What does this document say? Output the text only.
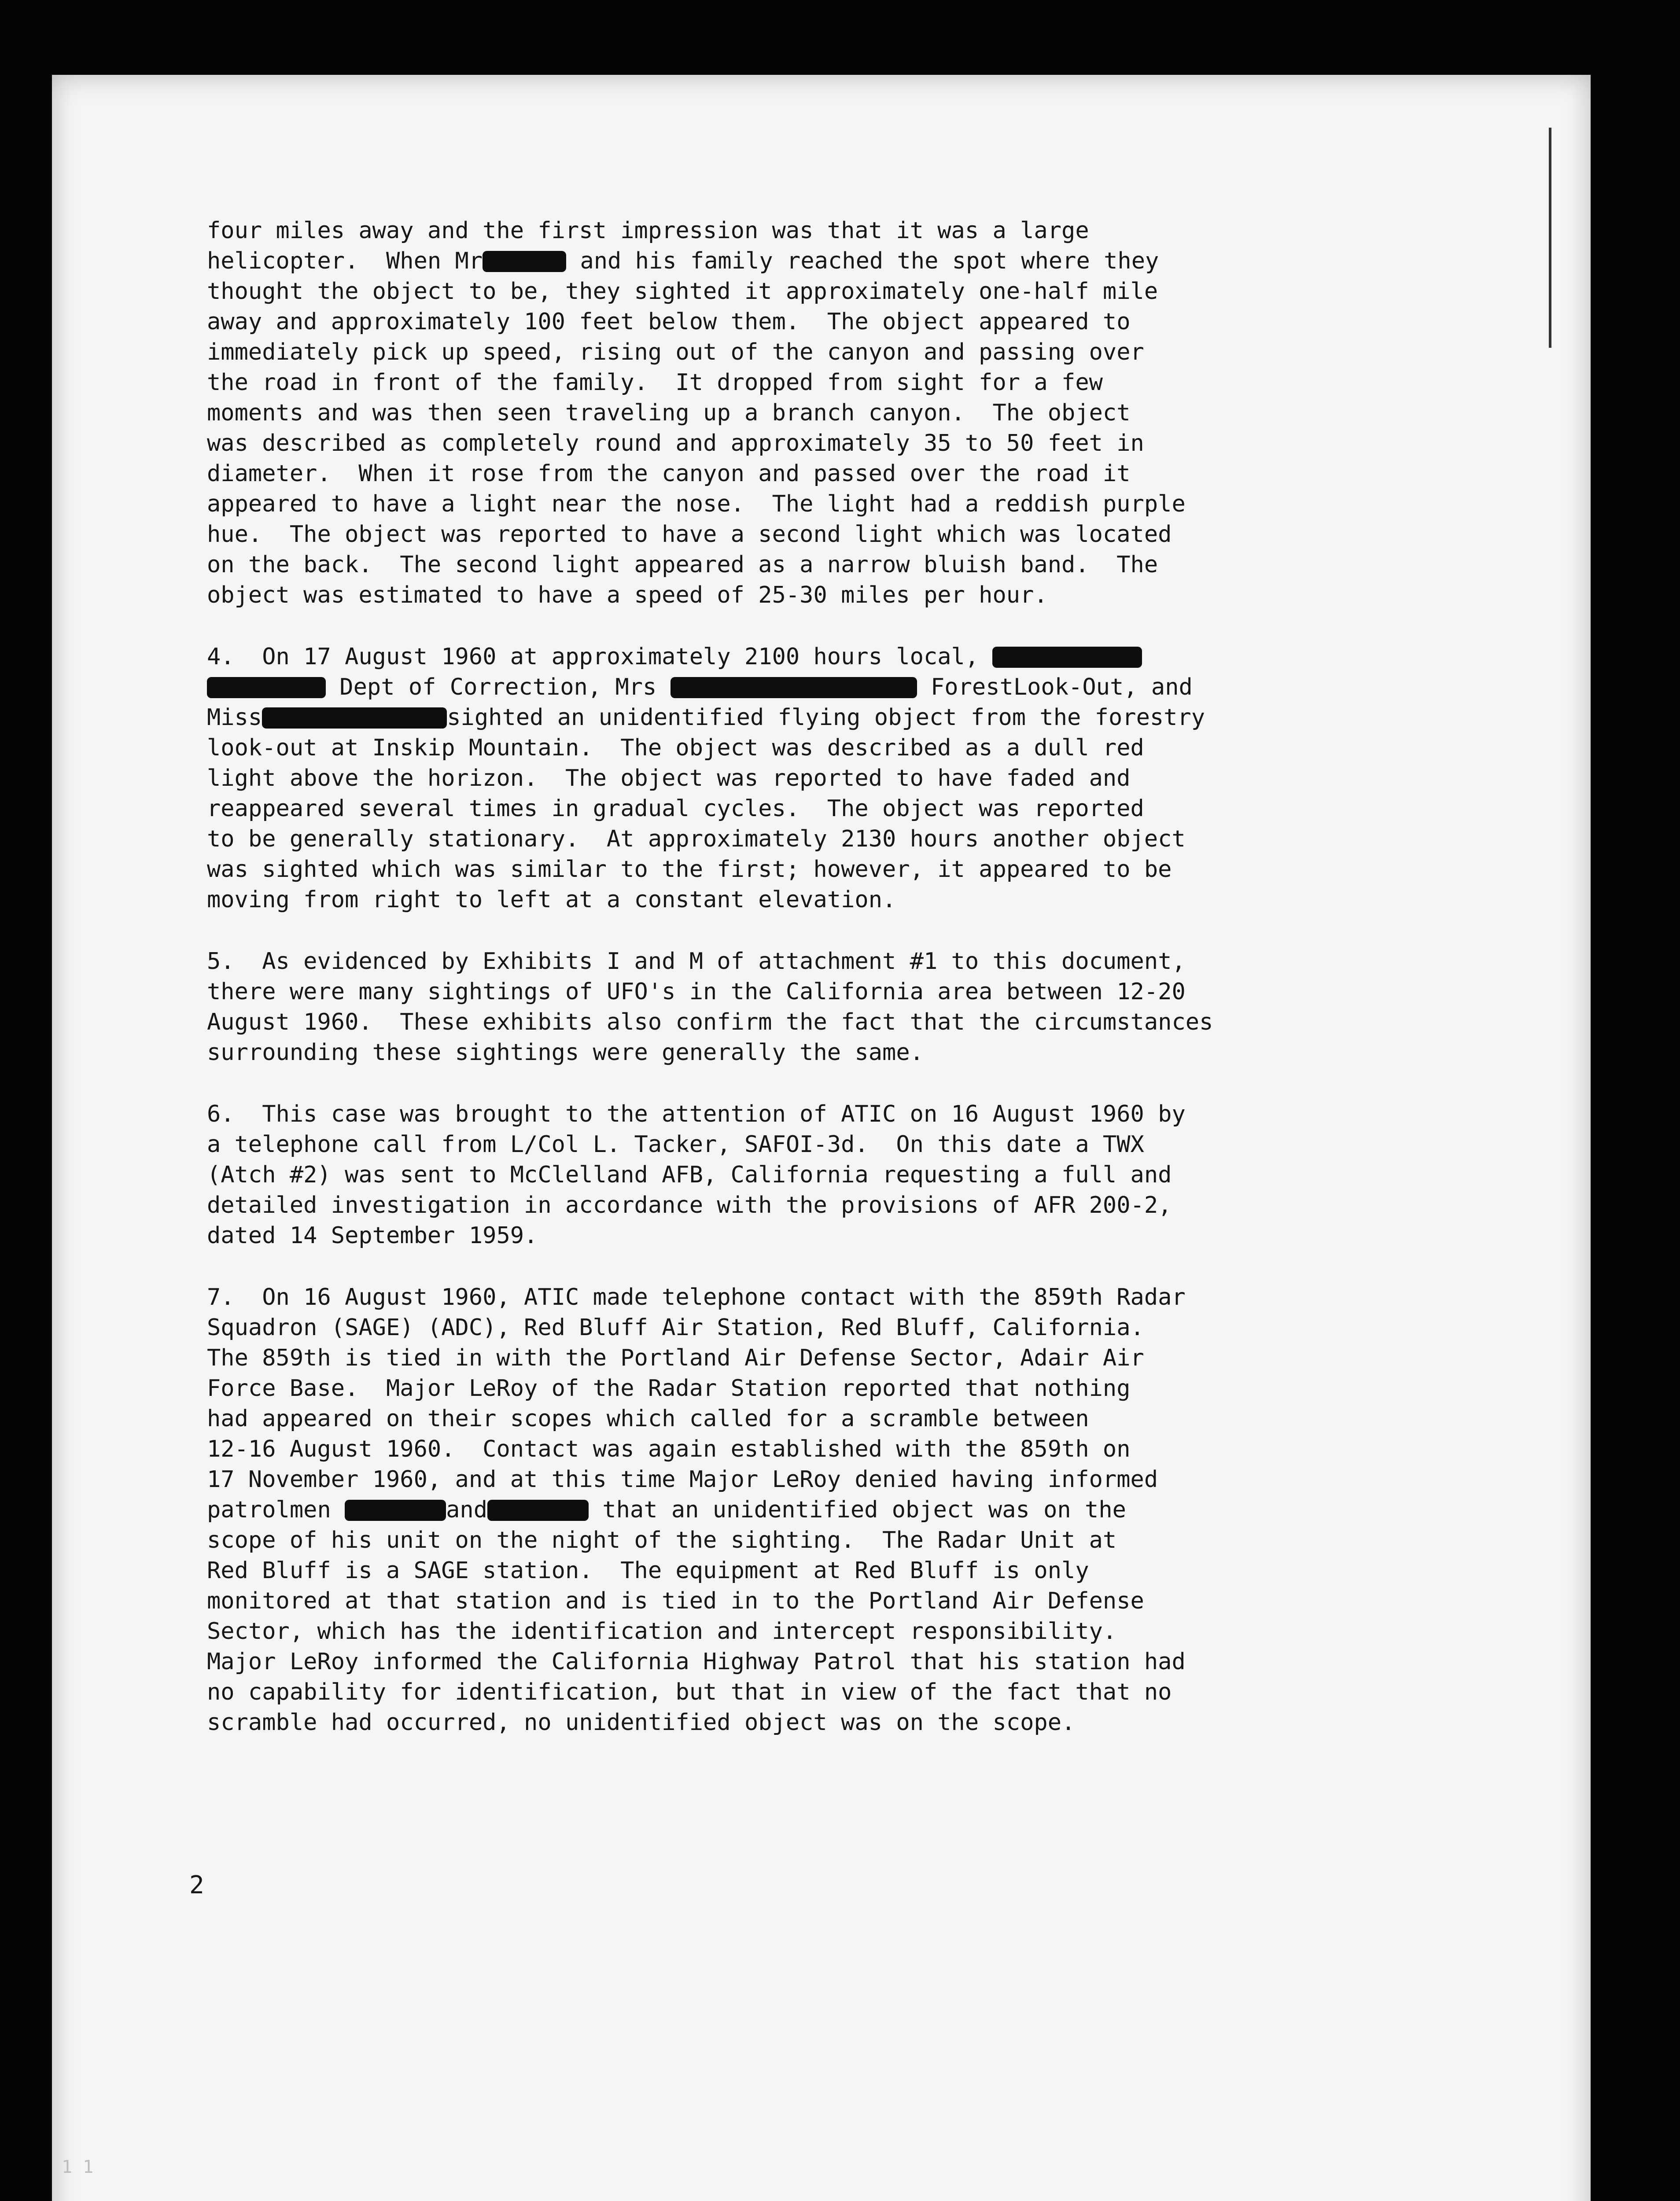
four miles away and the first impression was that it was a large
helicopter.  When Mr	and his family reached the spot where they
thought the object to be, they sighted it approximately one-half mile
away and approximately 100 feet below them.  The object appeared to
immediately pick up speed, rising out of the canyon and passing over
the road in front of the family.  It dropped from sight for a few
moments and was then seen traveling up a branch canyon.  The object
was described as completely round and approximately 35 to 50 feet in
diameter.  When it rose from the canyon and passed over the road it
appeared to have a light near the nose.  The light had a reddish purple
hue.  The object was reported to have a second light which was located
on the back.  The second light appeared as a narrow bluish band.  The
object was estimated to have a speed of 25-30 miles per hour.
4.  On 17 August 1960 at approximately 2100 hours local,
Dept of Correction, Mrs	ForestLook-Out, and
Miss	sighted an unidentified flying object from the forestry
look-out at Inskip Mountain.  The object was described as a dull red
light above the horizon.  The object was reported to have faded and
reappeared several times in gradual cycles.  The object was reported
to be generally stationary.  At approximately 2130 hours another object
was sighted which was similar to the first; however, it appeared to be
moving from right to left at a constant elevation.
5.  As evidenced by Exhibits I and M of attachment #1 to this document,
there were many sightings of UFO's in the California area between 12-20
August 1960.  These exhibits also confirm the fact that the circumstances
surrounding these sightings were generally the same.
6.  This case was brought to the attention of ATIC on 16 August 1960 by
a telephone call from L/Col L. Tacker, SAFOI-3d.  On this date a TWX
(Atch #2) was sent to McClelland AFB, California requesting a full and
detailed investigation in accordance with the provisions of AFR 200-2,
dated 14 September 1959.
7.  On 16 August 1960, ATIC made telephone contact with the 859th Radar
Squadron (SAGE) (ADC), Red Bluff Air Station, Red Bluff, California.
The 859th is tied in with the Portland Air Defense Sector, Adair Air
Force Base.  Major LeRoy of the Radar Station reported that nothing
had appeared on their scopes which called for a scramble between
12-16 August 1960.  Contact was again established with the 859th on
17 November 1960, and at this time Major LeRoy denied having informed
patrolmen	and	that an unidentified object was on the
scope of his unit on the night of the sighting.  The Radar Unit at
Red Bluff is a SAGE station.  The equipment at Red Bluff is only
monitored at that station and is tied in to the Portland Air Defense
Sector, which has the identification and intercept responsibility.
Major LeRoy informed the California Highway Patrol that his station had
no capability for identification, but that in view of the fact that no
scramble had occurred, no unidentified object was on the scope.
2
1 1
